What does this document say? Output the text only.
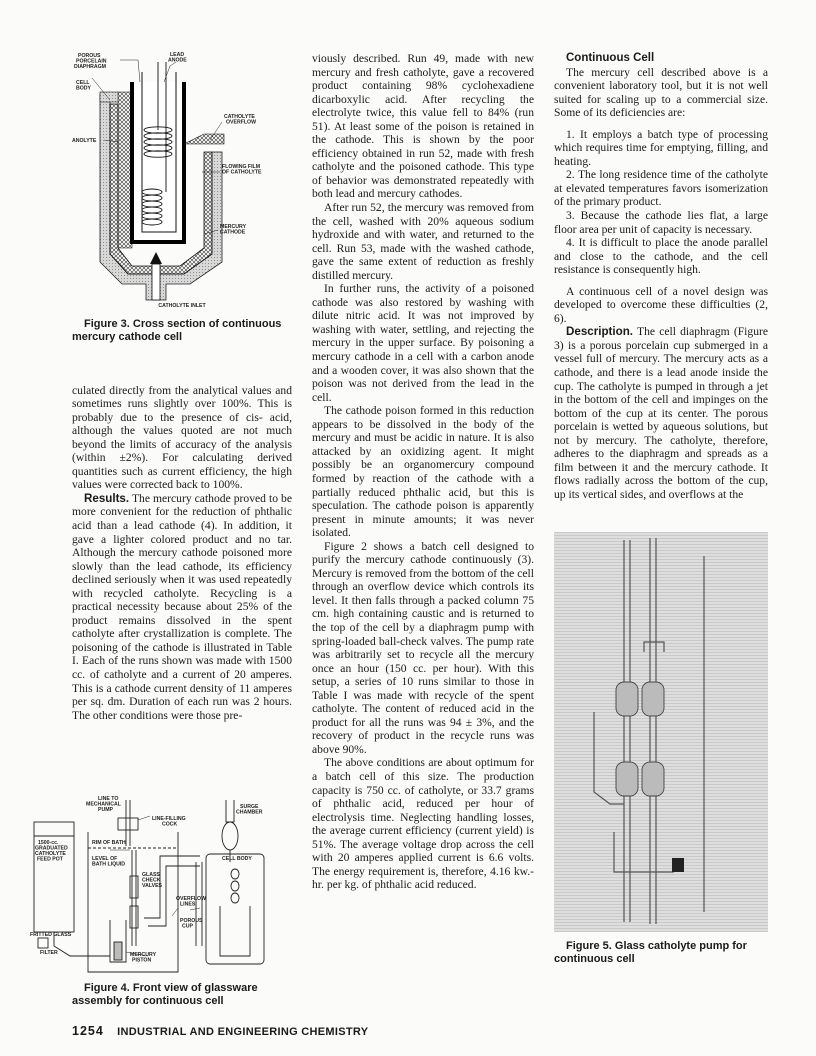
POROUS
PORCELAIN
DIAPHRAGM
LEAD
ANODE
CELL
BODY
CATHOLYTE
OVERFLOW
ANOLYTE
FLOWING FILM
OF CATHOLYTE
MERCURY
CATHODE
CATHOLYTE INLET

Figure 3. Cross section of continuous mercury cathode cell

culated directly from the analytical values and sometimes runs slightly over 100%. This is probably due to the presence of cis- acid, although the values quoted are not much beyond the limits of accuracy of the analysis (within ±2%). For calculating derived quantities such as current efficiency, the high values were corrected back to 100%.

Results. The mercury cathode proved to be more convenient for the reduction of phthalic acid than a lead cathode (4). In addition, it gave a lighter colored product and no tar. Although the mercury cathode poisoned more slowly than the lead cathode, its efficiency declined seriously when it was used repeatedly with recycled catholyte. Recycling is a practical necessity because about 25% of the product remains dissolved in the spent catholyte after crystallization is complete. The poisoning of the cathode is illustrated in Table I. Each of the runs shown was made with 1500 cc. of catholyte and a current of 20 amperes. This is a cathode current density of 11 amperes per sq. dm. Duration of each run was 2 hours. The other conditions were those pre-

LINE TO
MECHANICAL
PUMP	SURGE
CHAMBER
1500-cc.
GRADUATED
CATHOLYTE
FEED POT
LINE-FILLING
COCK
CELL BODY
RIM OF BATH
LEVEL OF
BATH LIQUID
GLASS
CHECK
VALVES
OVERFLOW
LINES
POROUS
CUP
FRITTED GLASS
FILTER	MERCURY
PISTON

Figure 4. Front view of glassware assembly for continuous cell

viously described. Run 49, made with new mercury and fresh catholyte, gave a recovered product containing 98% cyclohexadiene dicarboxylic acid. After recycling the electrolyte twice, this value fell to 84% (run 51). At least some of the poison is retained in the cathode. This is shown by the poor efficiency obtained in run 52, made with fresh catholyte and the poisoned cathode. This type of behavior was demonstrated repeatedly with both lead and mercury cathodes.

After run 52, the mercury was removed from the cell, washed with 20% aqueous sodium hydroxide and with water, and returned to the cell. Run 53, made with the washed cathode, gave the same extent of reduction as freshly distilled mercury.

In further runs, the activity of a poisoned cathode was also restored by washing with dilute nitric acid. It was not improved by washing with water, settling, and rejecting the mercury in the upper surface. By poisoning a mercury cathode in a cell with a carbon anode and a wooden cover, it was also shown that the poison was not derived from the lead in the cell.

The cathode poison formed in this reduction appears to be dissolved in the body of the mercury and must be acidic in nature. It is also attacked by an oxidizing agent. It might possibly be an organomercury compound formed by reaction of the cathode with a partially reduced phthalic acid, but this is speculation. The cathode poison is apparently present in minute amounts; it was never isolated.

Figure 2 shows a batch cell designed to purify the mercury cathode continuously (3). Mercury is removed from the bottom of the cell through an overflow device which controls its level. It then falls through a packed column 75 cm. high containing caustic and is returned to the top of the cell by a diaphragm pump with spring-loaded ball-check valves. The pump rate was arbitrarily set to recycle all the mercury once an hour (150 cc. per hour). With this setup, a series of 10 runs similar to those in Table I was made with recycle of the spent catholyte. The content of reduced acid in the product for all the runs was 94 ± 3%, and the recovery of product in the recycle runs was above 90%.

The above conditions are about optimum for a batch cell of this size. The production capacity is 750 cc. of catholyte, or 33.7 grams of phthalic acid, reduced per hour of electrolysis time. Neglecting handling losses, the average current efficiency (current yield) is 51%. The average voltage drop across the cell with 20 amperes applied current is 6.6 volts. The energy requirement is, therefore, 4.16 kw.-hr. per kg. of phthalic acid reduced.

Continuous Cell

The mercury cell described above is a convenient laboratory tool, but it is not well suited for scaling up to a commercial size. Some of its deficiencies are:

1. It employs a batch type of processing which requires time for emptying, filling, and heating.

2. The long residence time of the catholyte at elevated temperatures favors isomerization of the primary product.

3. Because the cathode lies flat, a large floor area per unit of capacity is necessary.

4. It is difficult to place the anode parallel and close to the cathode, and the cell resistance is consequently high.

A continuous cell of a novel design was developed to overcome these difficulties (2, 6).

Description. The cell diaphragm (Figure 3) is a porous porcelain cup submerged in a vessel full of mercury. The mercury acts as a cathode, and there is a lead anode inside the cup. The catholyte is pumped in through a jet in the bottom of the cell and impinges on the bottom of the cup at its center. The porous porcelain is wetted by aqueous solutions, but not by mercury. The catholyte, therefore, adheres to the diaphragm and spreads as a film between it and the mercury cathode. It flows radially across the bottom of the cup, up its vertical sides, and overflows at the

Figure 5. Glass catholyte pump for continuous cell

1254 INDUSTRIAL AND ENGINEERING CHEMISTRY
